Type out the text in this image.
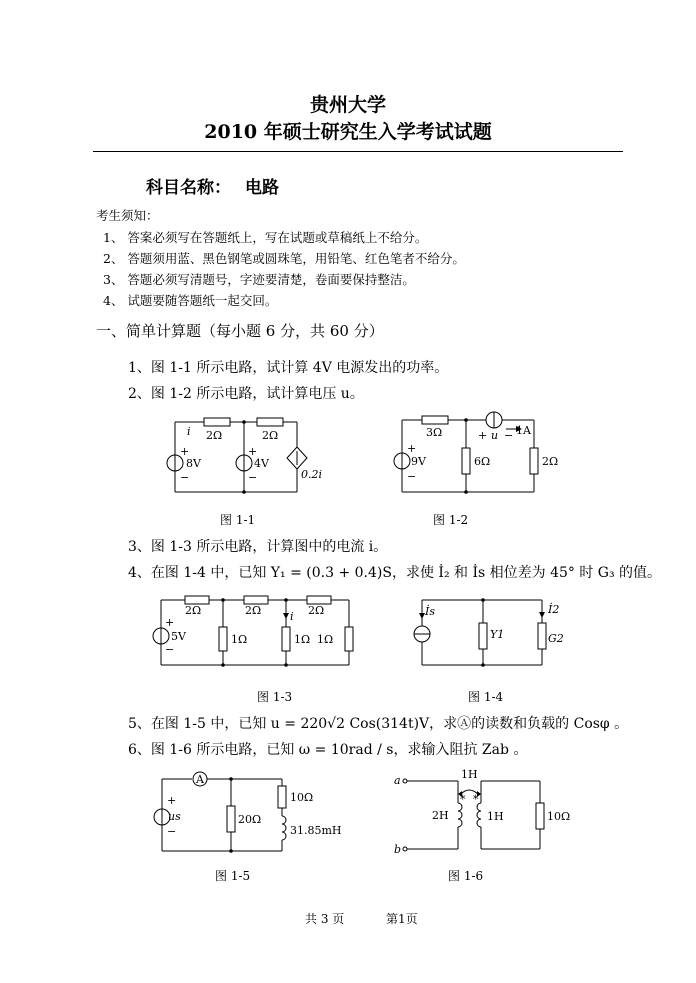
贵州大学
2010 年硕士研究生入学考试试题
科目名称： 电路
考生须知：
1、 答案必须写在答题纸上，写在试题或草稿纸上不给分。
2、 答题须用蓝、黑色钢笔或圆珠笔，用铅笔、红色笔者不给分。
3、 答题必须写清题号，字迹要清楚，卷面要保持整洁。
4、 试题要随答题纸一起交回。
一、简单计算题（每小题 6 分，共 60 分）
1、图 1-1 所示电路，试计算 4V 电源发出的功率。
2、图 1-2 所示电路，试计算电压 u。
i 2Ω	2Ω
+
8V
−
+
4V
−	0.2i
图 1-1
3Ω	+ u − 1A
+
9V
−
6Ω	2Ω
图 1-2
3、图 1-3 所示电路，计算图中的电流 i。
4、在图 1-4 中，已知 Y₁ = (0.3 + 0.4)S，求使 İ₂ 和 İs 相位差为 45° 时 G₃ 的值。
2Ω	2Ω	2Ω
i
+
5V
−
1Ω	1Ω 1Ω
图 1-3
İs
Y1
İ2
G2
图 1-4
5、在图 1-5 中，已知 u = 220√2 Cos(314t)V，求Ⓐ的读数和负载的 Cosφ 。
6、图 1-6 所示电路，已知 ω = 10rad / s，求输入阻抗 Zab 。
A
+
us
−
20Ω
10Ω
31.85mH
图 1-5
* *
a
b
1H
2H	1H	10Ω
图 1-6
共 3 页	第1页
